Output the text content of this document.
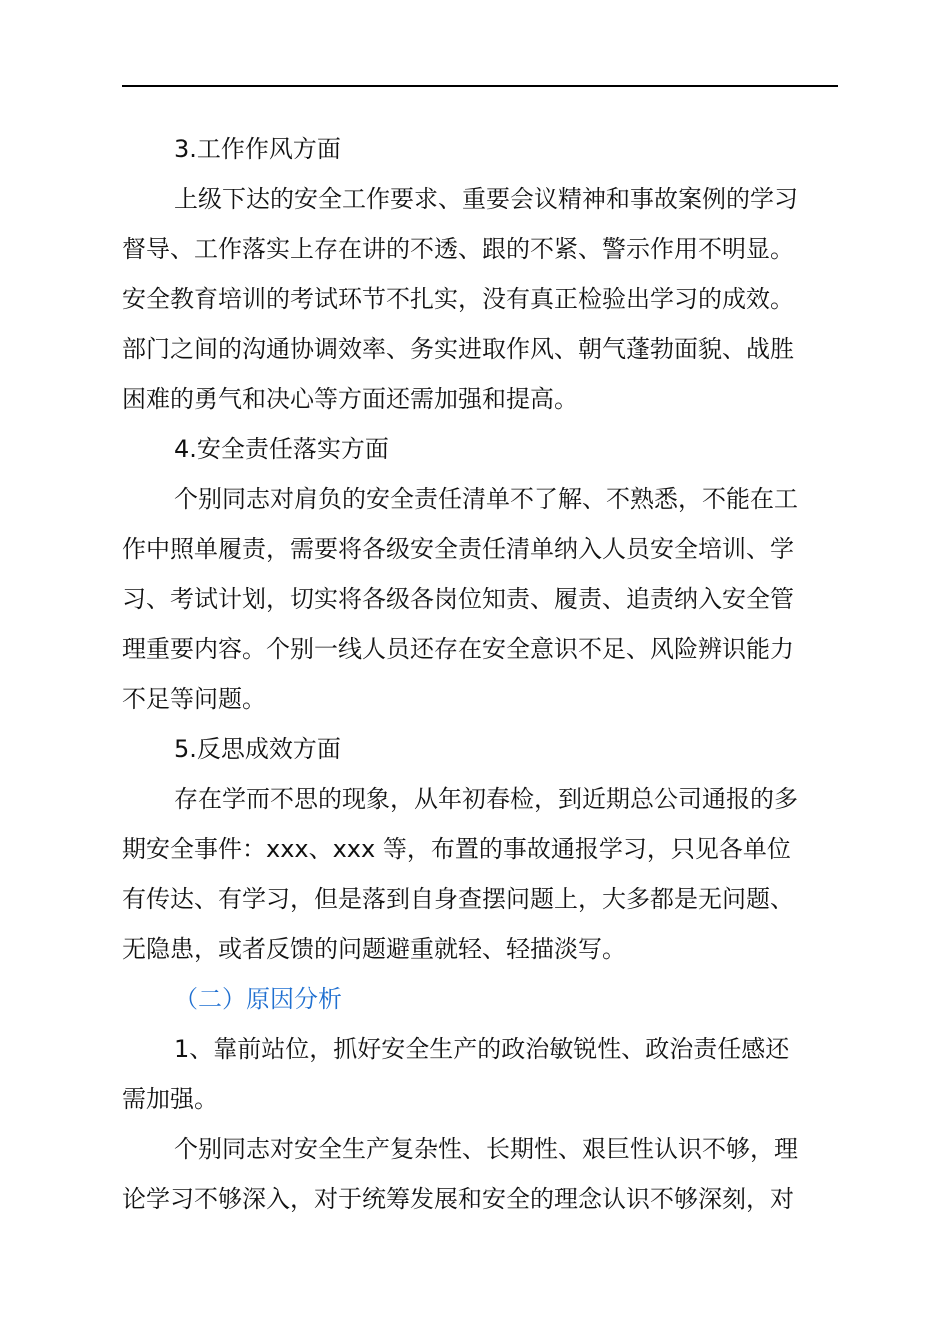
3.工作作风方面
上级下达的安全工作要求、重要会议精神和事故案例的学习
督导、工作落实上存在讲的不透、跟的不紧、警示作用不明显。
安全教育培训的考试环节不扎实，没有真正检验出学习的成效。
部门之间的沟通协调效率、务实进取作风、朝气蓬勃面貌、战胜
困难的勇气和决心等方面还需加强和提高。
4.安全责任落实方面
个别同志对肩负的安全责任清单不了解、不熟悉，不能在工
作中照单履责，需要将各级安全责任清单纳入人员安全培训、学
习、考试计划，切实将各级各岗位知责、履责、追责纳入安全管
理重要内容。个别一线人员还存在安全意识不足、风险辨识能力
不足等问题。
5.反思成效方面
存在学而不思的现象，从年初春检，到近期总公司通报的多
期安全事件：xxx、xxx 等，布置的事故通报学习，只见各单位
有传达、有学习，但是落到自身查摆问题上，大多都是无问题、
无隐患，或者反馈的问题避重就轻、轻描淡写。
（二）原因分析
1、靠前站位，抓好安全生产的政治敏锐性、政治责任感还
需加强。
个别同志对安全生产复杂性、长期性、艰巨性认识不够，理
论学习不够深入，对于统筹发展和安全的理念认识不够深刻，对
